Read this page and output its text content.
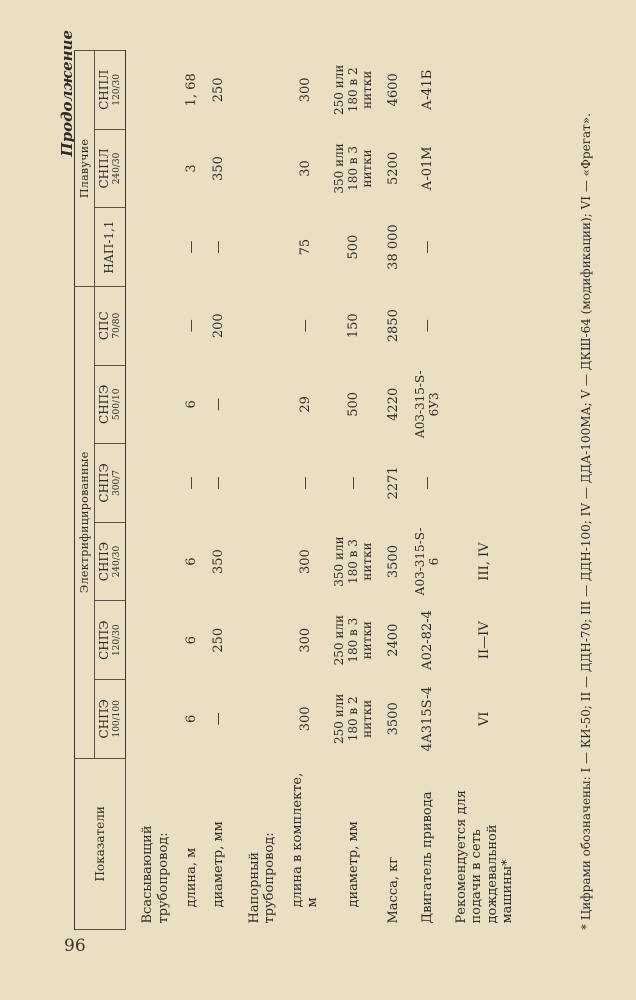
96
Продолжение
Показатели	Электрифицированные						Плавучие		

	СНПЭ 100/100	СНПЭ 120/30	СНПЭ 240/30	СНПЭ 300/7	СНПЭ 500/10	СПС 70/80	НАП-1,1	СНПЛ 240/30	СНПЛ 120/30

Всасывающий трубопровод:									
длина, м	6	6	6	—	6	—	—	3	1, 68
диаметр, мм	—	250	350	—	—	200	—	350	250
Напорный трубопровод:									
длина в комплекте, м	300	300	300	—	29	—	75	30	300
диаметр, мм	250 или 180 в 2 нитки	250 или 180 в 3 нитки	350 или 180 в 3 нитки	—	500	150	500	350 или 180 в 3 нитки	250 или 180 в 2 нитки
Масса, кг	3500	2400	3500	2271	4220	2850	38 000	5200	4600
Двигатель привода	4А315S-4	А02-82-4	А03-315-S-6	—	А03-315-S-6У3	—	—	А-01М	А-41Б
Рекомендуется для подачи в сеть дождевальной машины*	VI	II—IV	III, IV							* Цифрами обозначены: I — КИ-50; II — ДДН-70; III — ДДН-100; IV — ДДА-100МА; V — ДКШ-64 (модификации); VI — «Фрегат».
